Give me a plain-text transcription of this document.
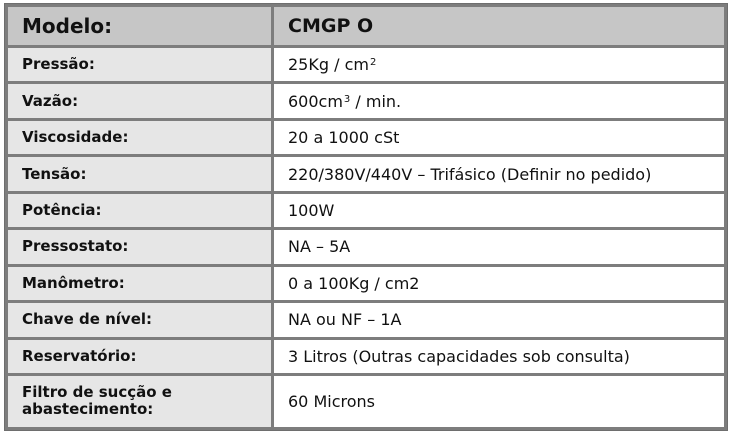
Modelo:	CMGP O
Pressão:	$25Kg / cm^2$
Vazão:	$600cm^3$ / min.
Viscosidade:	20 a 1000 cSt
Tensão:	220/380V/440V – Trifásico (Definir no pedido)
Potência:	100W
Pressostato:	NA – 5A
Manômetro:	0 a 100Kg / cm2
Chave de nível:	NA ou NF – 1A
Reservatório:	3 Litros (Outras capacidades sob consulta)
Filtro de sucção e abastecimento:	60 Microns
